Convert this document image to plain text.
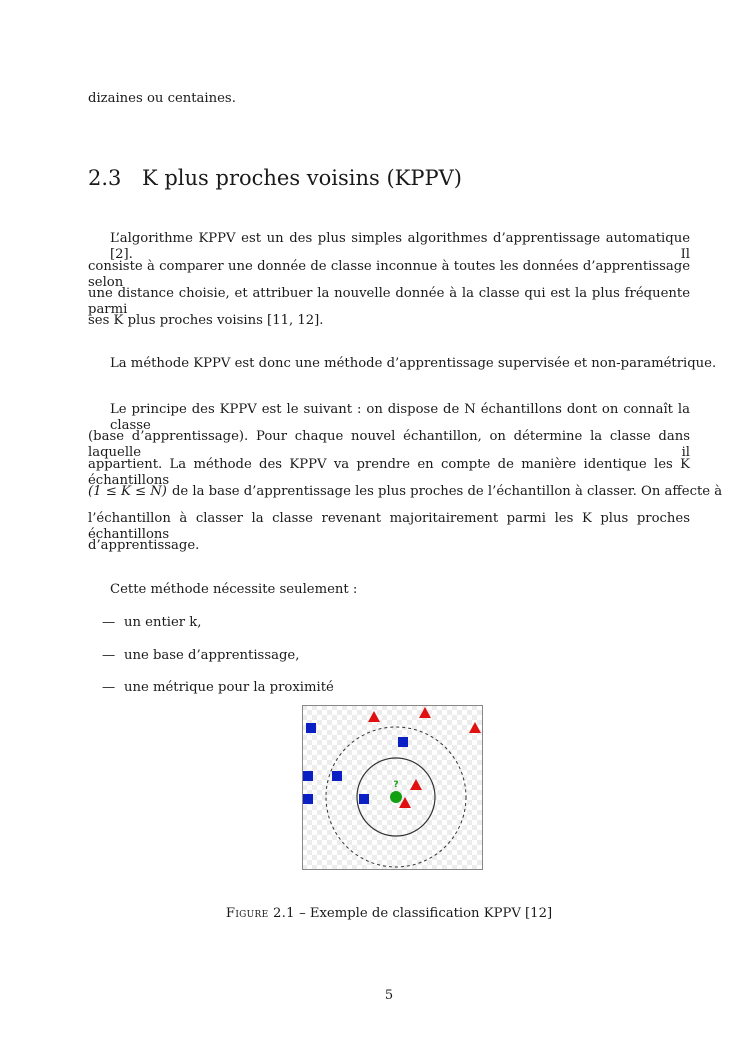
dizaines ou centaines.
2.3 K plus proches voisins (KPPV)
L’algorithme KPPV est un des plus simples algorithmes d’apprentissage automatique [2]. Il
consiste à comparer une donnée de classe inconnue à toutes les données d’apprentissage selon
une distance choisie, et attribuer la nouvelle donnée à la classe qui est la plus fréquente parmi
ses K plus proches voisins [11, 12].
La méthode KPPV est donc une méthode d’apprentissage supervisée et non-paramétrique.
Le principe des KPPV est le suivant : on dispose de N échantillons dont on connaît la classe
(base d’apprentissage). Pour chaque nouvel échantillon, on détermine la classe dans laquelle il
appartient. La méthode des KPPV va prendre en compte de manière identique les K échantillons
(1 ≤ K ≤ N) de la base d’apprentissage les plus proches de l’échantillon à classer. On affecte à
l’échantillon à classer la classe revenant majoritairement parmi les K plus proches échantillons
d’apprentissage.
Cette méthode nécessite seulement :
— un entier k,
— une base d’apprentissage,
— une métrique pour la proximité
?
Figure 2.1 – Exemple de classification KPPV [12]
5
